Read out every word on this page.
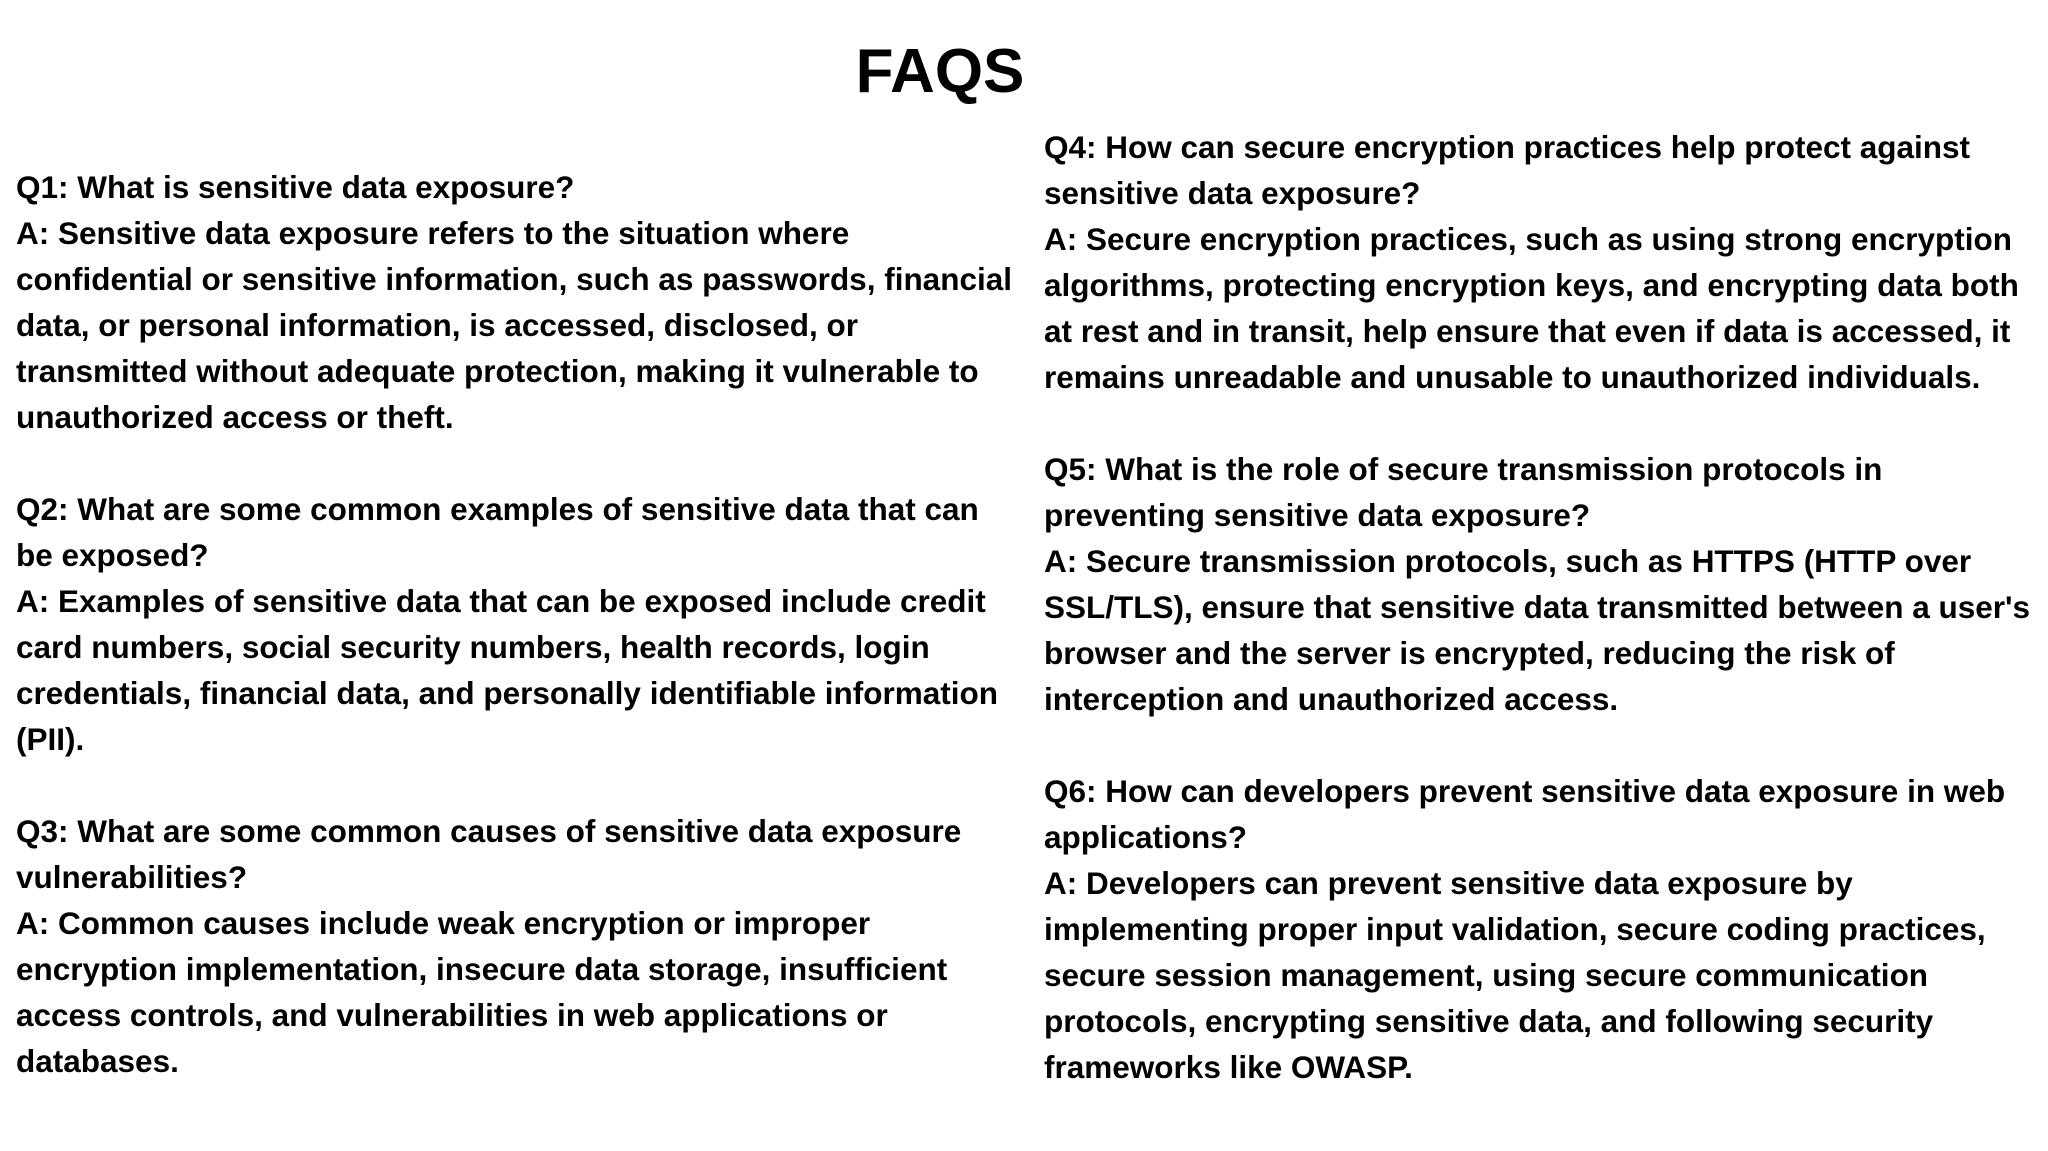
FAQS
Q1: What is sensitive data exposure?
A: Sensitive data exposure refers to the situation where confidential or sensitive information, such as passwords, financial data, or personal information, is accessed, disclosed, or transmitted without adequate protection, making it vulnerable to unauthorized access or theft.
Q2: What are some common examples of sensitive data that can be exposed?
A: Examples of sensitive data that can be exposed include credit card numbers, social security numbers, health records, login credentials, financial data, and personally identifiable information (PII).
Q3: What are some common causes of sensitive data exposure vulnerabilities?
A: Common causes include weak encryption or improper encryption implementation, insecure data storage, insufficient access controls, and vulnerabilities in web applications or databases.
Q4: How can secure encryption practices help protect against sensitive data exposure?
A: Secure encryption practices, such as using strong encryption algorithms, protecting encryption keys, and encrypting data both at rest and in transit, help ensure that even if data is accessed, it remains unreadable and unusable to unauthorized individuals.
Q5: What is the role of secure transmission protocols in preventing sensitive data exposure?
A: Secure transmission protocols, such as HTTPS (HTTP over SSL/TLS), ensure that sensitive data transmitted between a user's browser and the server is encrypted, reducing the risk of interception and unauthorized access.
Q6: How can developers prevent sensitive data exposure in web applications?
A: Developers can prevent sensitive data exposure by implementing proper input validation, secure coding practices, secure session management, using secure communication protocols, encrypting sensitive data, and following security frameworks like OWASP.
